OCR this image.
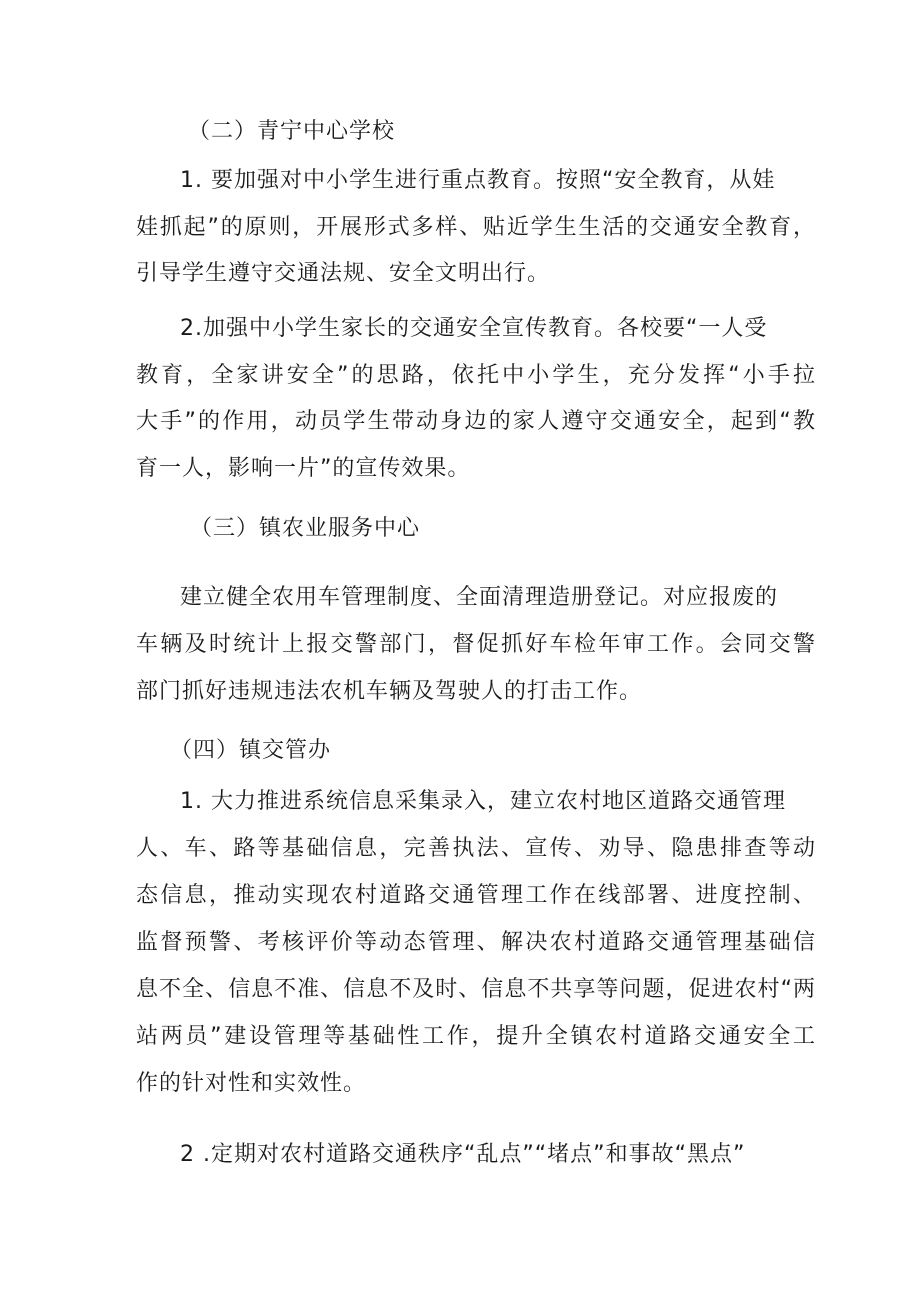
（二）青宁中心学校
1. 要加强对中小学生进行重点教育。按照“安全教育，从娃
娃抓起”的原则，开展形式多样、贴近学生生活的交通安全教育，
引导学生遵守交通法规、安全文明出行。
2.加强中小学生家长的交通安全宣传教育。各校要“一人受
教育，全家讲安全”的思路，依托中小学生，充分发挥“小手拉
大手”的作用，动员学生带动身边的家人遵守交通安全，起到“教
育一人，影响一片”的宣传效果。
（三）镇农业服务中心
建立健全农用车管理制度、全面清理造册登记。对应报废的
车辆及时统计上报交警部门，督促抓好车检年审工作。会同交警
部门抓好违规违法农机车辆及驾驶人的打击工作。
（四）镇交管办
1. 大力推进系统信息采集录入，建立农村地区道路交通管理
人、车、路等基础信息，完善执法、宣传、劝导、隐患排查等动
态信息，推动实现农村道路交通管理工作在线部署、进度控制、
监督预警、考核评价等动态管理、解决农村道路交通管理基础信
息不全、信息不准、信息不及时、信息不共享等问题，促进农村“两
站两员”建设管理等基础性工作，提升全镇农村道路交通安全工
作的针对性和实效性。
2 .定期对农村道路交通秩序“乱点”“堵点”和事故“黑点”
